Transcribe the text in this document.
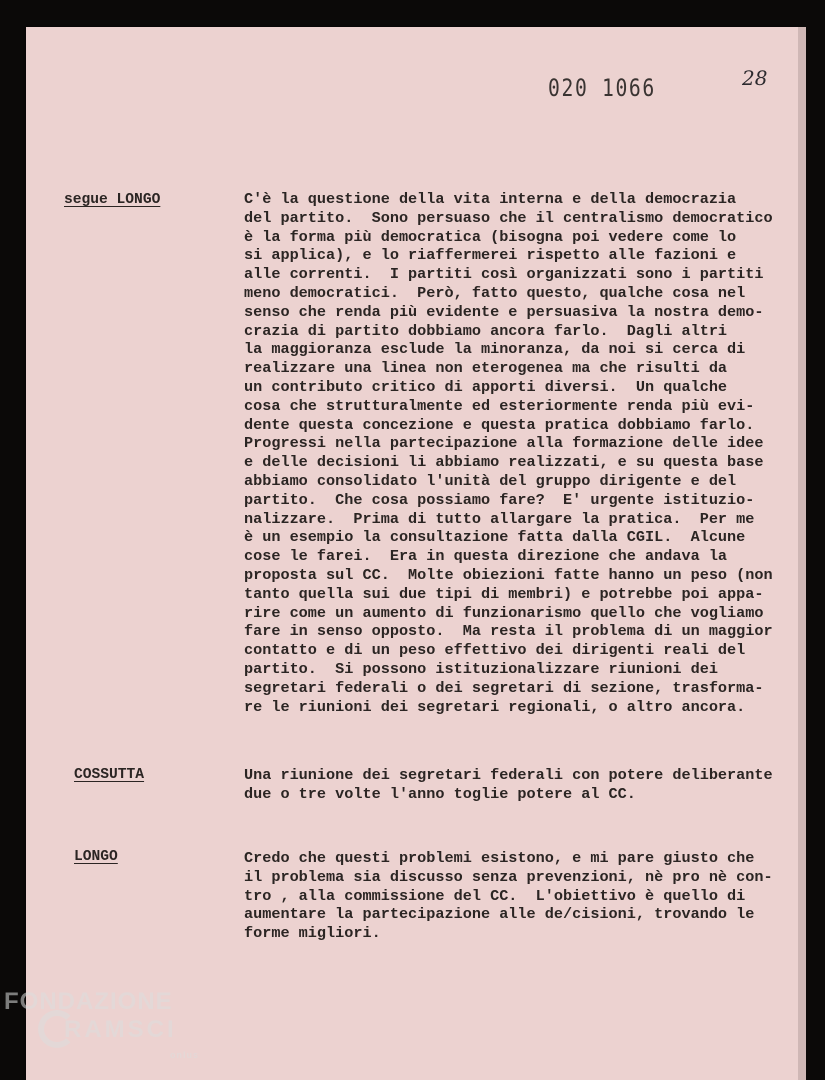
020 1066	28
segue LONGO	C'è la questione della vita interna e della democrazia
del partito.  Sono persuaso che il centralismo democratico
è la forma più democratica (bisogna poi vedere come lo
si applica), e lo riaffermerei rispetto alle fazioni e
alle correnti.  I partiti così organizzati sono i partiti
meno democratici.  Però, fatto questo, qualche cosa nel
senso che renda più evidente e persuasiva la nostra demo-
crazia di partito dobbiamo ancora farlo.  Dagli altri
la maggioranza esclude la minoranza, da noi si cerca di
realizzare una linea non eterogenea ma che risulti da
un contributo critico di apporti diversi.  Un qualche
cosa che strutturalmente ed esteriormente renda più evi-
dente questa concezione e questa pratica dobbiamo farlo.
Progressi nella partecipazione alla formazione delle idee
e delle decisioni li abbiamo realizzati, e su questa base
abbiamo consolidato l'unità del gruppo dirigente e del
partito.  Che cosa possiamo fare?  E' urgente istituzio-
nalizzare.  Prima di tutto allargare la pratica.  Per me
è un esempio la consultazione fatta dalla CGIL.  Alcune
cose le farei.  Era in questa direzione che andava la
proposta sul CC.  Molte obiezioni fatte hanno un peso (non
tanto quella sui due tipi di membri) e potrebbe poi appa-
rire come un aumento di funzionarismo quello che vogliamo
fare in senso opposto.  Ma resta il problema di un maggior
contatto e di un peso effettivo dei dirigenti reali del
partito.  Si possono istituzionalizzare riunioni dei
segretari federali o dei segretari di sezione, trasforma-
re le riunioni dei segretari regionali, o altro ancora.
COSSUTTA	Una riunione dei segretari federali con potere deliberante
due o tre volte l'anno toglie potere al CC.
LONGO	Credo che questi problemi esistono, e mi pare giusto che
il problema sia discusso senza prevenzioni, nè pro nè con-
tro , alla commissione del CC.  L'obiettivo è quello di
aumentare la partecipazione alle de/cisioni, trovando le
forme migliori.
FONDAZIONE
RAMSCI
onlus
